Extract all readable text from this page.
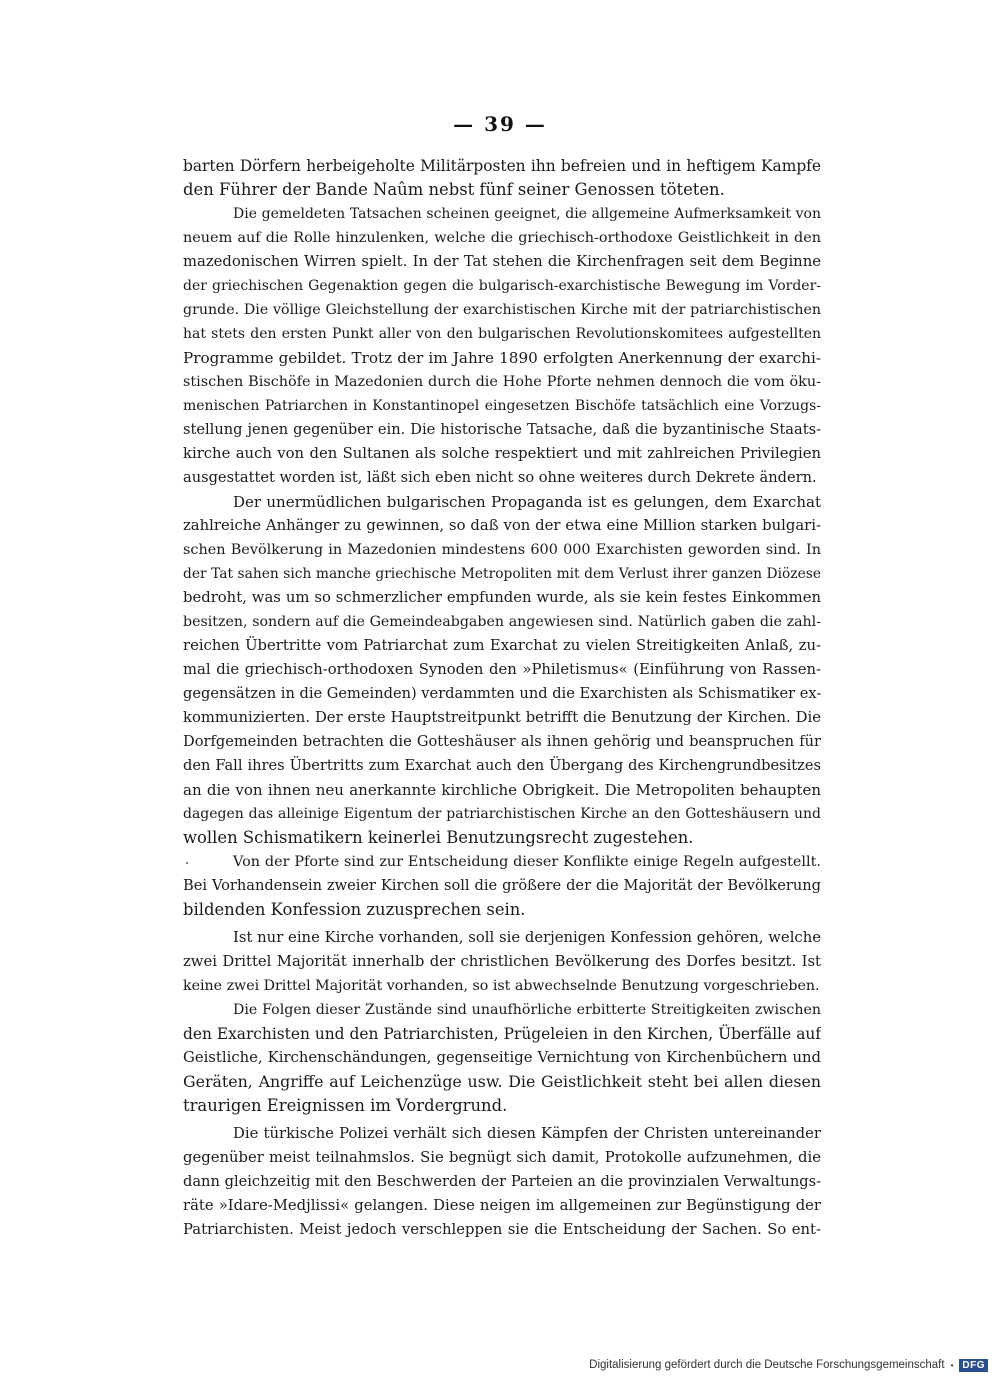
— 39 —
barten Dörfern herbeigeholte Militärposten ihn befreien und in heftigem Kampfe
den Führer der Bande Naûm nebst fünf seiner Genossen töteten.
Die gemeldeten Tatsachen scheinen geeignet, die allgemeine Aufmerksamkeit von
neuem auf die Rolle hinzulenken, welche die griechisch-orthodoxe Geistlichkeit in den
mazedonischen Wirren spielt. In der Tat stehen die Kirchenfragen seit dem Beginne
der griechischen Gegenaktion gegen die bulgarisch-exarchistische Bewegung im Vorder-
grunde. Die völlige Gleichstellung der exarchistischen Kirche mit der patriarchistischen
hat stets den ersten Punkt aller von den bulgarischen Revolutionskomitees aufgestellten
Programme gebildet. Trotz der im Jahre 1890 erfolgten Anerkennung der exarchi-
stischen Bischöfe in Mazedonien durch die Hohe Pforte nehmen dennoch die vom öku-
menischen Patriarchen in Konstantinopel eingesetzen Bischöfe tatsächlich eine Vorzugs-
stellung jenen gegenüber ein. Die historische Tatsache, daß die byzantinische Staats-
kirche auch von den Sultanen als solche respektiert und mit zahlreichen Privilegien
ausgestattet worden ist, läßt sich eben nicht so ohne weiteres durch Dekrete ändern.
Der unermüdlichen bulgarischen Propaganda ist es gelungen, dem Exarchat
zahlreiche Anhänger zu gewinnen, so daß von der etwa eine Million starken bulgari-
schen Bevölkerung in Mazedonien mindestens 600 000 Exarchisten geworden sind. In
der Tat sahen sich manche griechische Metropoliten mit dem Verlust ihrer ganzen Diözese
bedroht, was um so schmerzlicher empfunden wurde, als sie kein festes Einkommen
besitzen, sondern auf die Gemeindeabgaben angewiesen sind. Natürlich gaben die zahl-
reichen Übertritte vom Patriarchat zum Exarchat zu vielen Streitigkeiten Anlaß, zu-
mal die griechisch-orthodoxen Synoden den »Philetismus« (Einführung von Rassen-
gegensätzen in die Gemeinden) verdammten und die Exarchisten als Schismatiker ex-
kommunizierten. Der erste Hauptstreitpunkt betrifft die Benutzung der Kirchen. Die
Dorfgemeinden betrachten die Gotteshäuser als ihnen gehörig und beanspruchen für
den Fall ihres Übertritts zum Exarchat auch den Übergang des Kirchengrundbesitzes
an die von ihnen neu anerkannte kirchliche Obrigkeit. Die Metropoliten behaupten
dagegen das alleinige Eigentum der patriarchistischen Kirche an den Gotteshäusern und
wollen Schismatikern keinerlei Benutzungsrecht zugestehen.
Von der Pforte sind zur Entscheidung dieser Konflikte einige Regeln aufgestellt.
Bei Vorhandensein zweier Kirchen soll die größere der die Majorität der Bevölkerung
bildenden Konfession zuzusprechen sein.
Ist nur eine Kirche vorhanden, soll sie derjenigen Konfession gehören, welche
zwei Drittel Majorität innerhalb der christlichen Bevölkerung des Dorfes besitzt. Ist
keine zwei Drittel Majorität vorhanden, so ist abwechselnde Benutzung vorgeschrieben.
Die Folgen dieser Zustände sind unaufhörliche erbitterte Streitigkeiten zwischen
den Exarchisten und den Patriarchisten, Prügeleien in den Kirchen, Überfälle auf
Geistliche, Kirchenschändungen, gegenseitige Vernichtung von Kirchenbüchern und
Geräten, Angriffe auf Leichenzüge usw. Die Geistlichkeit steht bei allen diesen
traurigen Ereignissen im Vordergrund.
Die türkische Polizei verhält sich diesen Kämpfen der Christen untereinander
gegenüber meist teilnahmslos. Sie begnügt sich damit, Protokolle aufzunehmen, die
dann gleichzeitig mit den Beschwerden der Parteien an die provinzialen Verwaltungs-
räte »Idare-Medjlissi« gelangen. Diese neigen im allgemeinen zur Begünstigung der
Patriarchisten. Meist jedoch verschleppen sie die Entscheidung der Sachen. So ent-
Digitalisierung gefördert durch die Deutsche Forschungsgemeinschaft • DFG
